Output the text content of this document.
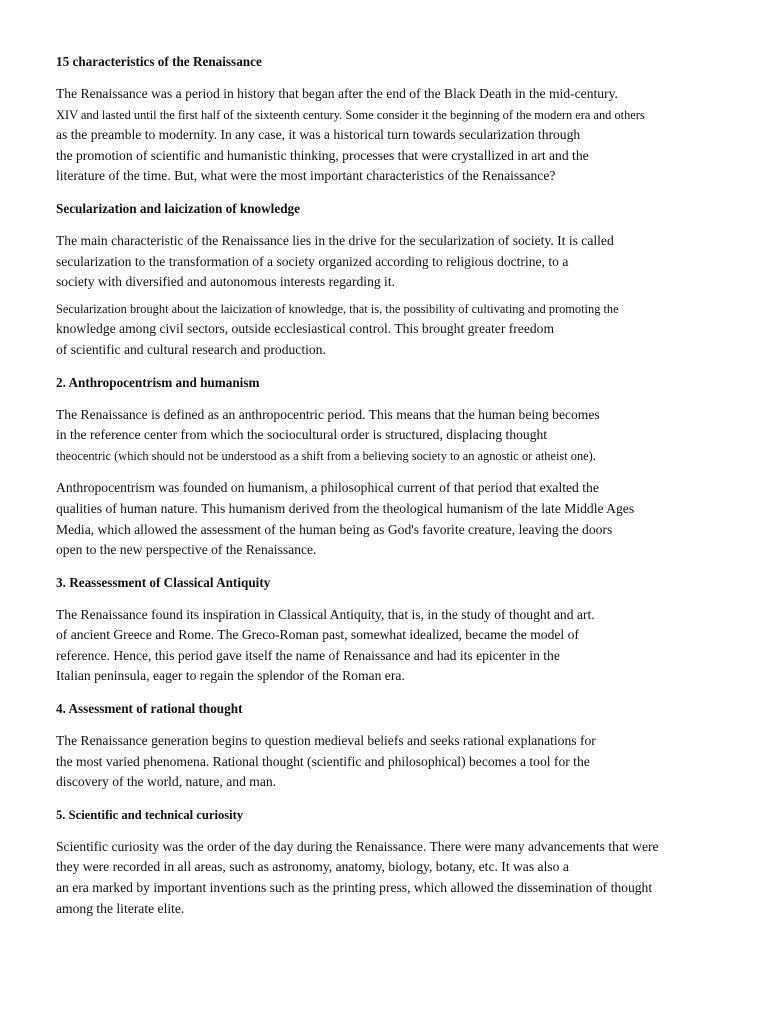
15 characteristics of the Renaissance
The Renaissance was a period in history that began after the end of the Black Death in the mid-century.
XIV and lasted until the first half of the sixteenth century. Some consider it the beginning of the modern era and others
as the preamble to modernity. In any case, it was a historical turn towards secularization through
the promotion of scientific and humanistic thinking, processes that were crystallized in art and the
literature of the time. But, what were the most important characteristics of the Renaissance?
Secularization and laicization of knowledge
The main characteristic of the Renaissance lies in the drive for the secularization of society. It is called
secularization to the transformation of a society organized according to religious doctrine, to a
society with diversified and autonomous interests regarding it.
Secularization brought about the laicization of knowledge, that is, the possibility of cultivating and promoting the
knowledge among civil sectors, outside ecclesiastical control. This brought greater freedom
of scientific and cultural research and production.
2. Anthropocentrism and humanism
The Renaissance is defined as an anthropocentric period. This means that the human being becomes
in the reference center from which the sociocultural order is structured, displacing thought
theocentric (which should not be understood as a shift from a believing society to an agnostic or atheist one).
Anthropocentrism was founded on humanism, a philosophical current of that period that exalted the
qualities of human nature. This humanism derived from the theological humanism of the late Middle Ages
Media, which allowed the assessment of the human being as God's favorite creature, leaving the doors
open to the new perspective of the Renaissance.
3. Reassessment of Classical Antiquity
The Renaissance found its inspiration in Classical Antiquity, that is, in the study of thought and art.
of ancient Greece and Rome. The Greco-Roman past, somewhat idealized, became the model of
reference. Hence, this period gave itself the name of Renaissance and had its epicenter in the
Italian peninsula, eager to regain the splendor of the Roman era.
4. Assessment of rational thought
The Renaissance generation begins to question medieval beliefs and seeks rational explanations for
the most varied phenomena. Rational thought (scientific and philosophical) becomes a tool for the
discovery of the world, nature, and man.
5. Scientific and technical curiosity
Scientific curiosity was the order of the day during the Renaissance. There were many advancements that were
they were recorded in all areas, such as astronomy, anatomy, biology, botany, etc. It was also a
an era marked by important inventions such as the printing press, which allowed the dissemination of thought
among the literate elite.
